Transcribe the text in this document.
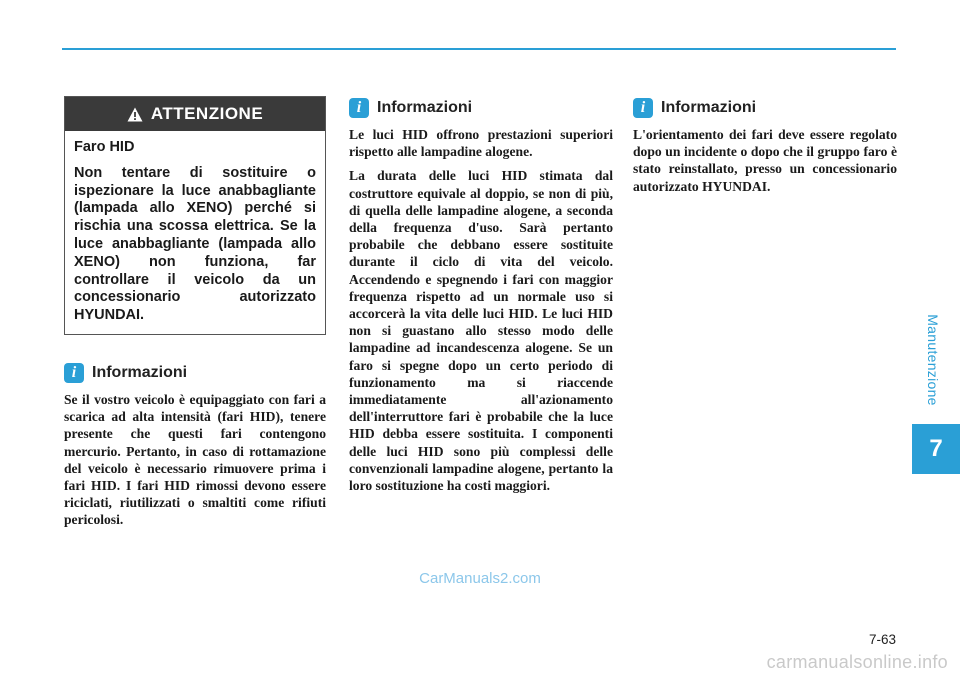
Manutenzione
7
ATTENZIONE

Faro HID

Non tentare di sostituire o ispezionare la luce anabbagliante (lampada allo XENO) perché si rischia una scossa elettrica. Se la luce anabbagliante (lampada allo XENO) non funziona, far controllare il veicolo da un concessionario autorizzato HYUNDAI.

i Informazioni

Se il vostro veicolo è equipaggiato con fari a scarica ad alta intensità (fari HID), tenere presente che questi fari contengono mercurio. Pertanto, in caso di rottamazione del veicolo è necessario rimuovere prima i fari HID. I fari HID rimossi devono essere riciclati, riutilizzati o smaltiti come rifiuti pericolosi.

i Informazioni

Le luci HID offrono prestazioni superiori rispetto alle lampadine alogene.

La durata delle luci HID stimata dal costruttore equivale al doppio, se non di più, di quella delle lampadine alogene, a seconda della frequenza d'uso. Sarà pertanto probabile che debbano essere sostituite durante il ciclo di vita del veicolo. Accendendo e spegnendo i fari con maggior frequenza rispetto ad un normale uso si accorcerà la vita delle luci HID. Le luci HID non si guastano allo stesso modo delle lampadine ad incandescenza alogene. Se un faro si spegne dopo un certo periodo di funzionamento ma si riaccende immediatamente all'azionamento dell'interruttore fari è probabile che la luce HID debba essere sostituita. I componenti delle luci HID sono più complessi delle convenzionali lampadine alogene, pertanto la loro sostituzione ha costi maggiori.

i Informazioni

L'orientamento dei fari deve essere regolato dopo un incidente o dopo che il gruppo faro è stato reinstallato, presso un concessionario autorizzato HYUNDAI.

CarManuals2.com
7-63
carmanualsonline.info
